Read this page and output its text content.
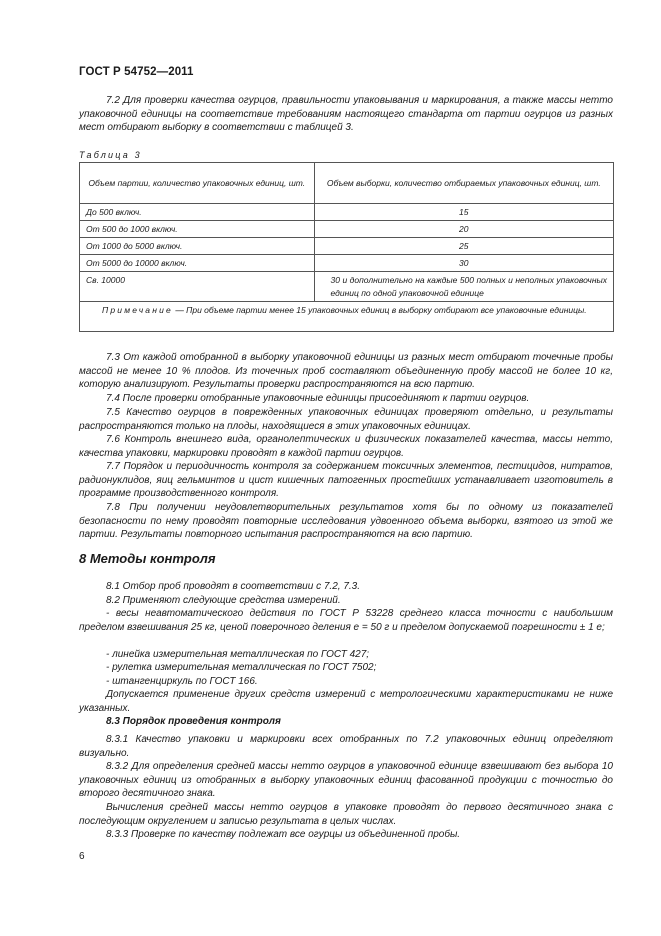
ГОСТ Р 54752—2011

7.2 Для проверки качества огурцов, правильности упаковывания и маркирования, а также массы нетто упаковочной единицы на соответствие требованиям настоящего стандарта от партии огурцов из разных мест отбирают выборку в соответствии с таблицей 3.

Таблица 3
Объем партии, количество упаковочных единиц, шт.	Объем выборки, количество отбираемых упаковочных единиц, шт.
До 500 включ.	15
От 500 до 1000 включ.	20
От 1000 до 5000 включ.	25
От 5000 до 10000 включ.	30
Св. 10000	30 и дополнительно на каждые 500 полных и неполных упаковочных единиц по одной упаковочной единице
Примечание — При объеме партии менее 15 упаковочных единиц в выборку отбирают все упаковочные единицы.	

7.3 От каждой отобранной в выборку упаковочной единицы из разных мест отбирают точечные пробы массой не менее 10 % плодов. Из точечных проб составляют объединенную пробу массой не более 10 кг, которую анализируют. Результаты проверки распространяются на всю партию.

7.4 После проверки отобранные упаковочные единицы присоединяют к партии огурцов.

7.5 Качество огурцов в поврежденных упаковочных единицах проверяют отдельно, и результаты распространяются только на плоды, находящиеся в этих упаковочных единицах.

7.6 Контроль внешнего вида, органолептических и физических показателей качества, массы нетто, качества упаковки, маркировки проводят в каждой партии огурцов.

7.7 Порядок и периодичность контроля за содержанием токсичных элементов, пестицидов, нитратов, радионуклидов, яиц гельминтов и цист кишечных патогенных простейших устанавливает изготовитель в программе производственного контроля.

7.8 При получении неудовлетворительных результатов хотя бы по одному из показателей безопасности по нему проводят повторные исследования удвоенного объема выборки, взятого из этой же партии. Результаты повторного испытания распространяются на всю партию.

8 Методы контроля

8.1 Отбор проб проводят в соответствии с 7.2, 7.3.

8.2 Применяют следующие средства измерений.

- весы неавтоматического действия по ГОСТ Р 53228 среднего класса точности с наибольшим пределом взвешивания 25 кг, ценой поверочного деления е = 50 г и пределом допускаемой погрешности ± 1 е;

- линейка измерительная металлическая по ГОСТ 427;

- рулетка измерительная металлическая по ГОСТ 7502;

- штангенциркуль по ГОСТ 166.

Допускается применение других средств измерений с метрологическими характеристиками не ниже указанных.

8.3 Порядок проведения контроля

8.3.1 Качество упаковки и маркировки всех отобранных по 7.2 упаковочных единиц определяют визуально.

8.3.2 Для определения средней массы нетто огурцов в упаковочной единице взвешивают без выбора 10 упаковочных единиц из отобранных в выборку упаковочных единиц фасованной продукции с точностью до второго десятичного знака.

Вычисления средней массы нетто огурцов в упаковке проводят до первого десятичного знака с последующим округлением и записью результата в целых числах.

8.3.3 Проверке по качеству подлежат все огурцы из объединенной пробы.

6
